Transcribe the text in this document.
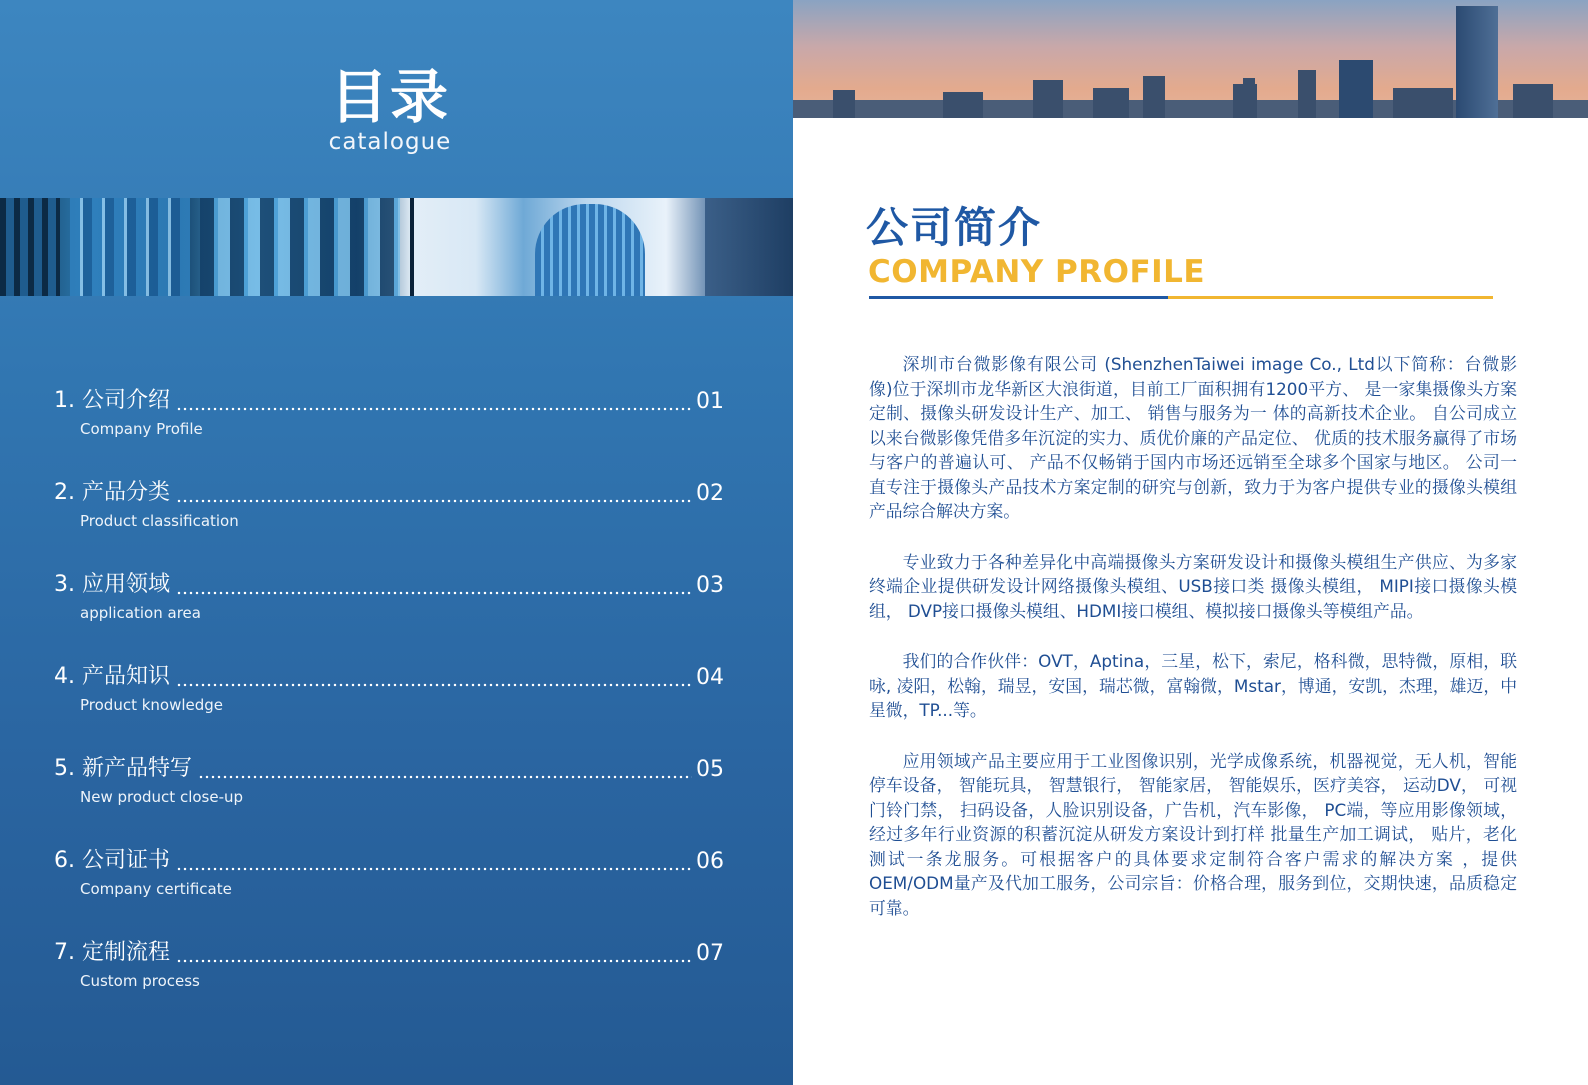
目录
catalogue
1. 公司介绍	01
Company Profile
2. 产品分类	02
Product classification
3. 应用领域	03
application area
4. 产品知识	04
Product knowledge
5. 新产品特写	05
New product close-up
6. 公司证书	06
Company certificate
7. 定制流程	07
Custom process
公司简介
COMPANY PROFILE

深圳市台微影像有限公司 (ShenzhenTaiwei image Co., Ltd以下简称：台微影像)位于深圳市龙华新区大浪街道，目前工厂面积拥有1200平方、 是一家集摄像头方案定制、摄像头研发设计生产、加工、 销售与服务为一 体的高新技术企业。 自公司成立以来台微影像凭借多年沉淀的实力、质优价廉的产品定位、 优质的技术服务赢得了市场与客户的普遍认可、 产品不仅畅销于国内市场还远销至全球多个国家与地区。 公司一 直专注于摄像头产品技术方案定制的研究与创新，致力于为客户提供专业的摄像头模组产品综合解决方案。

专业致力于各种差异化中高端摄像头方案研发设计和摄像头模组生产供应、为多家终端企业提供研发设计网络摄像头模组、USB接口类 摄像头模组， MIPI接口摄像头模组， DVP接口摄像头模组、HDMI接口模组、模拟接口摄像头等模组产品。

我们的合作伙伴：OVT，Aptina，三星，松下，索尼，格科微，思特微，原相，联咏, 凌阳，松翰，瑞昱，安国，瑞芯微，富翰微，Mstar，博通，安凯，杰理，雄迈，中星微，TP...等。

应用领域产品主要应用于工业图像识别，光学成像系统，机器视觉，无人机，智能停车设备， 智能玩具， 智慧银行， 智能家居， 智能娱乐，医疗美容， 运动DV， 可视门铃门禁， 扫码设备，人脸识别设备，广告机，汽车影像， PC端，等应用影像领域， 经过多年行业资源的积蓄沉淀从研发方案设计到打样 批量生产加工调试， 贴片，老化测试一条龙服务。可根据客户的具体要求定制符合客户需求的解决方案 ，提供OEM/ODM量产及代加工服务，公司宗旨：价格合理，服务到位，交期快速，品质稳定可靠。
